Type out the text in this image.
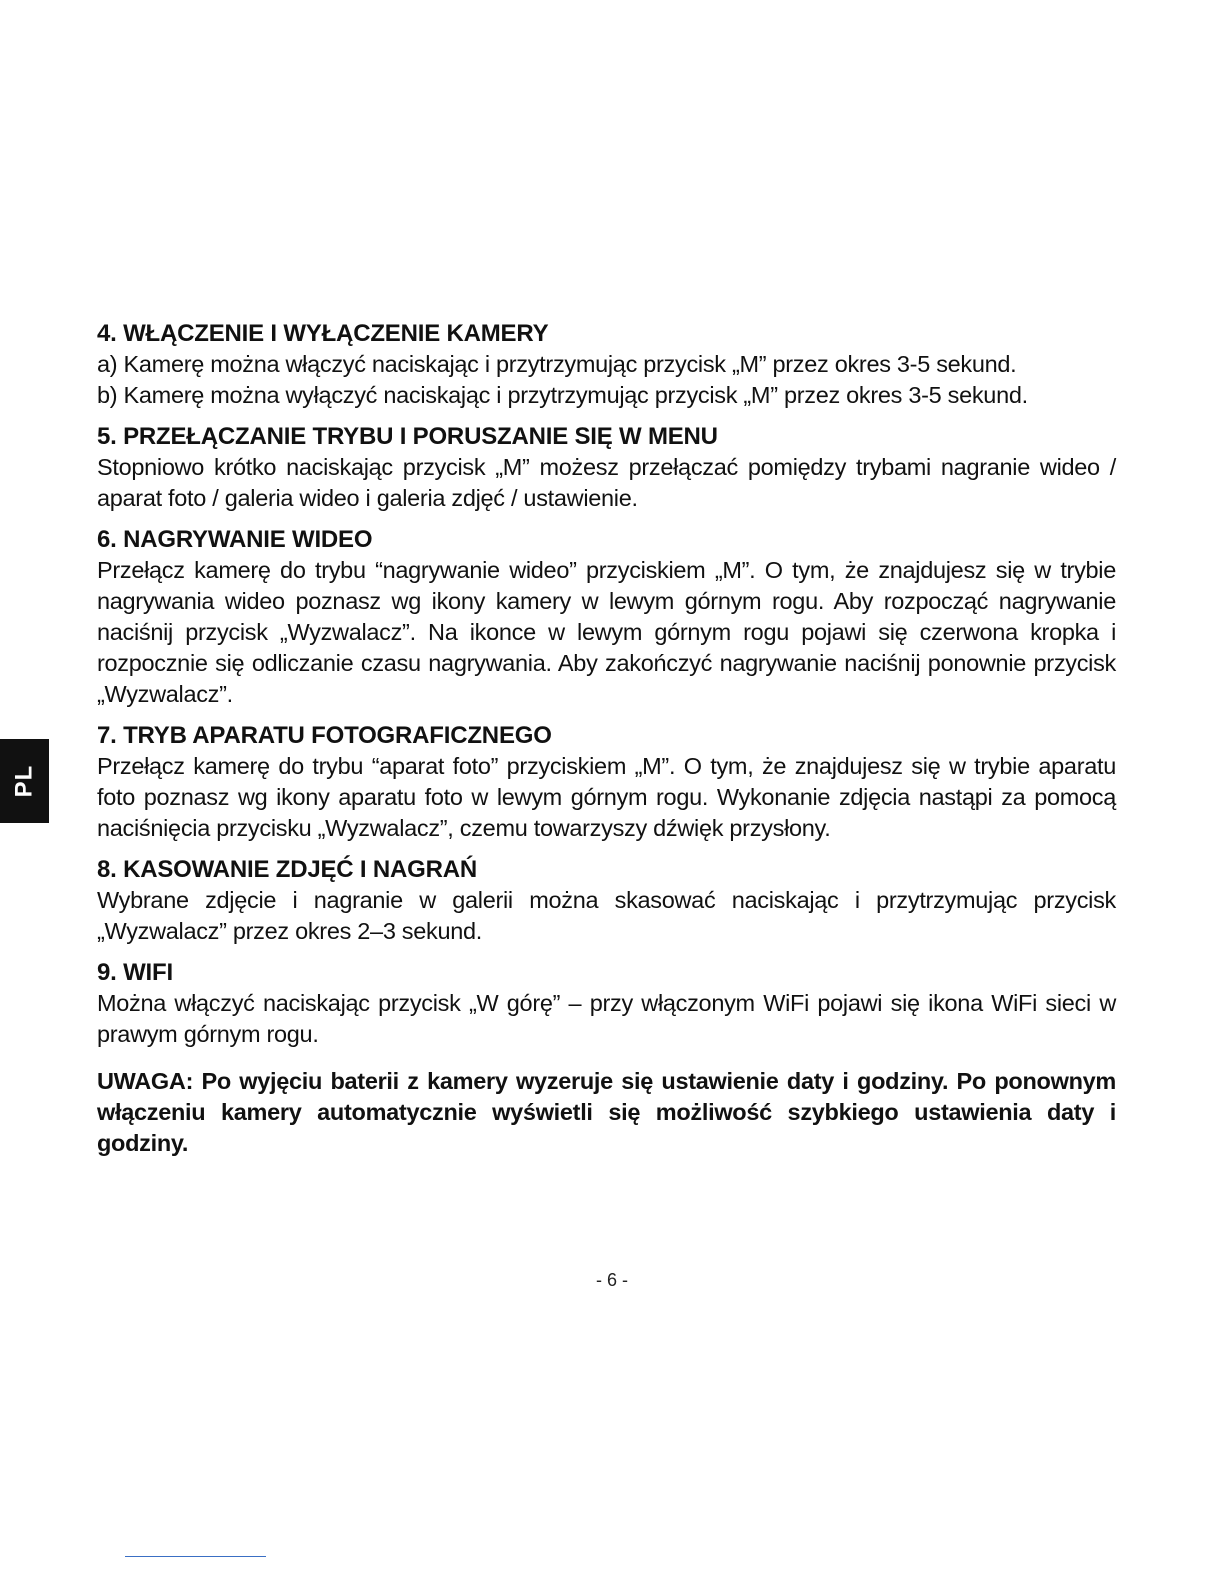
PL

4. WŁĄCZENIE I WYŁĄCZENIE KAMERY

a) Kamerę można włączyć naciskając i przytrzymując przycisk „M” przez okres 3-5 sekund.

b) Kamerę można wyłączyć naciskając i przytrzymując przycisk „M” przez okres 3-5 sekund.

5. PRZEŁĄCZANIE TRYBU I PORUSZANIE SIĘ W MENU

Stopniowo krótko naciskając przycisk „M” możesz przełączać pomiędzy trybami nagranie wideo / aparat foto / galeria wideo i galeria zdjęć / ustawienie.

6. NAGRYWANIE WIDEO

Przełącz kamerę do trybu “nagrywanie wideo” przyciskiem „M”. O tym, że znajdujesz się w trybie nagrywania wideo poznasz wg ikony kamery w lewym górnym rogu. Aby rozpocząć nagrywanie naciśnij przycisk „Wyzwalacz”. Na ikonce w lewym górnym rogu pojawi się czerwona kropka i rozpocznie się odliczanie czasu nagrywania. Aby zakończyć nagrywanie naciśnij ponownie przycisk „Wyzwalacz”.

7. TRYB APARATU FOTOGRAFICZNEGO

Przełącz kamerę do trybu “aparat foto” przyciskiem „M”. O tym, że znajdujesz się w trybie aparatu foto poznasz wg ikony aparatu foto w lewym górnym rogu. Wykonanie zdjęcia nastąpi za pomocą naciśnięcia przycisku „Wyzwalacz”, czemu towarzyszy dźwięk przysłony.

8. KASOWANIE ZDJĘĆ I NAGRAŃ

Wybrane zdjęcie i nagranie w galerii można skasować naciskając i przytrzymując przycisk „Wyzwalacz” przez okres 2–3 sekund.

9. WIFI

Można włączyć naciskając przycisk „W górę” – przy włączonym WiFi pojawi się ikona WiFi sieci w prawym górnym rogu.

UWAGA: Po wyjęciu baterii z kamery wyzeruje się ustawienie daty i godziny. Po ponownym włączeniu kamery automatycznie wyświetli się możliwość szybkiego ustawienia daty i godziny.

- 6 -
